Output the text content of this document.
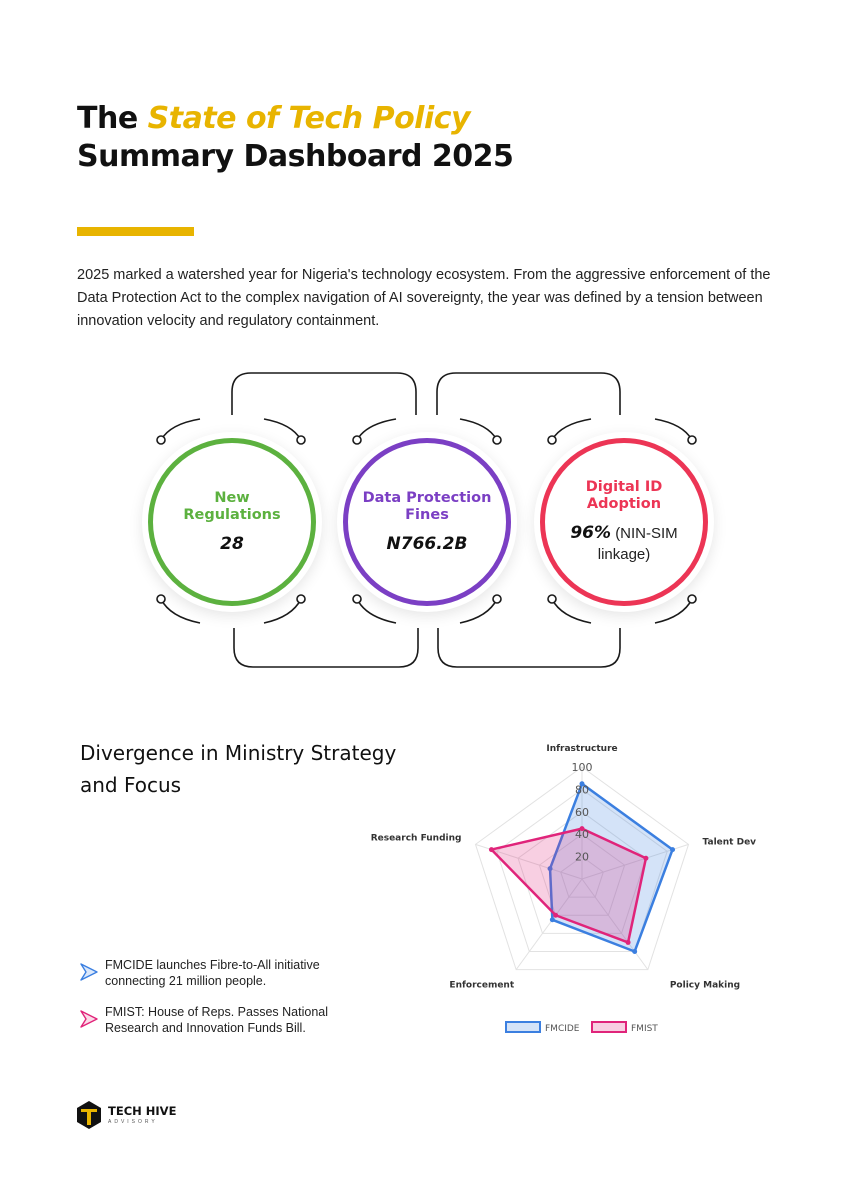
The State of Tech Policy
Summary Dashboard 2025

2025 marked a watershed year for Nigeria's technology ecosystem. From the aggressive enforcement of the Data Protection Act to the complex navigation of AI sovereignty, the year was defined by a tension between innovation velocity and regulatory containment.

New Regulations
28
Data Protection Fines
N766.2B
Digital ID Adoption
96% (NIN-SIM linkage)
Divergence in Ministry Strategy and Focus
FMCIDE launches Fibre-to-All initiative connecting 21 million people.
FMIST: House of Reps. Passes National Research and Innovation Funds Bill.
20
40
60
80
100
Infrastructure
Talent Dev
Policy Making
Enforcement
Research Funding
FMCIDE	FMIST
TECH HIVE
ADVISORY
